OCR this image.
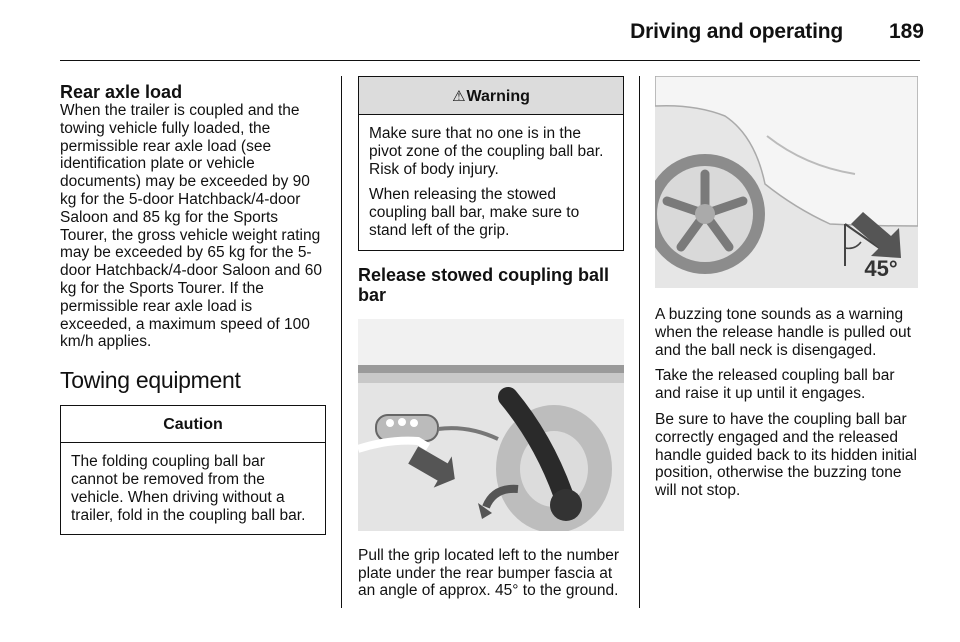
Driving and operating 189
Rear axle load

When the trailer is coupled and the towing vehicle fully loaded, the permissible rear axle load (see identification plate or vehicle documents) may be exceeded by 90 kg for the 5-door Hatchback/4-door Saloon and 85 kg for the Sports Tourer, the gross vehicle weight rating may be exceeded by 65 kg for the 5-door Hatchback/4-door Saloon and 60 kg for the Sports Tourer. If the permissible rear axle load is exceeded, a maximum speed of 100 km/h applies.

Towing equipment
Caution

The folding coupling ball bar cannot be removed from the vehicle. When driving without a trailer, fold in the coupling ball bar.

⚠Warning

Make sure that no one is in the pivot zone of the coupling ball bar. Risk of body injury.

When releasing the stowed coupling ball bar, make sure to stand left of the grip.

Release stowed coupling ball bar

Pull the grip located left to the number plate under the rear bumper fascia at an angle of approx. 45° to the ground.

45°

A buzzing tone sounds as a warning when the release handle is pulled out and the ball neck is disengaged.

Take the released coupling ball bar and raise it up until it engages.

Be sure to have the coupling ball bar correctly engaged and the released handle guided back to its hidden initial position, otherwise the buzzing tone will not stop.
